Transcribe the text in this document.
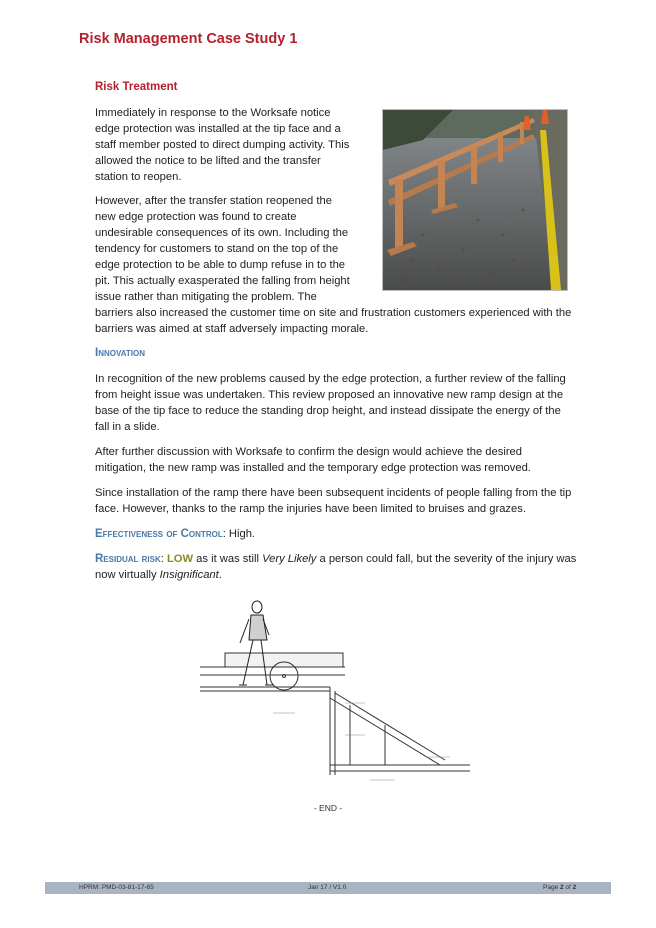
Risk Management Case Study 1
Risk Treatment
Immediately in response to the Worksafe notice
edge protection was installed at the tip face and a
staff member posted to direct dumping activity. This
allowed the notice to be lifted and the transfer
station to reopen.
However, after the transfer station reopened the
new edge protection was found to create
undesirable consequences of its own. Including the
tendency for customers to stand on the top of the
edge protection to be able to dump refuse in to the
pit. This actually exasperated the falling from height
issue rather than mitigating the problem. The
barriers also increased the customer time on site and frustration customers experienced with the
barriers was aimed at staff adversely impacting morale.
Innovation
In recognition of the new problems caused by the edge protection, a further review of the falling
from height issue was undertaken. This review proposed an innovative new ramp design at the
base of the tip face to reduce the standing drop height, and instead dissipate the energy of the
fall in a slide.
After further discussion with Worksafe to confirm the design would achieve the desired
mitigation, the new ramp was installed and the temporary edge protection was removed.
Since installation of the ramp there have been subsequent incidents of people falling from the tip
face. However, thanks to the ramp the injuries have been limited to bruises and grazes.
Effectiveness of Control: High.
Residual risk: LOW as it was still Very Likely a person could fall, but the severity of the injury was
now virtually Insignificant.
- END -
HPRM: PMD-03-81-17-65	Jan 17 / V1.0	Page 2 of 2
